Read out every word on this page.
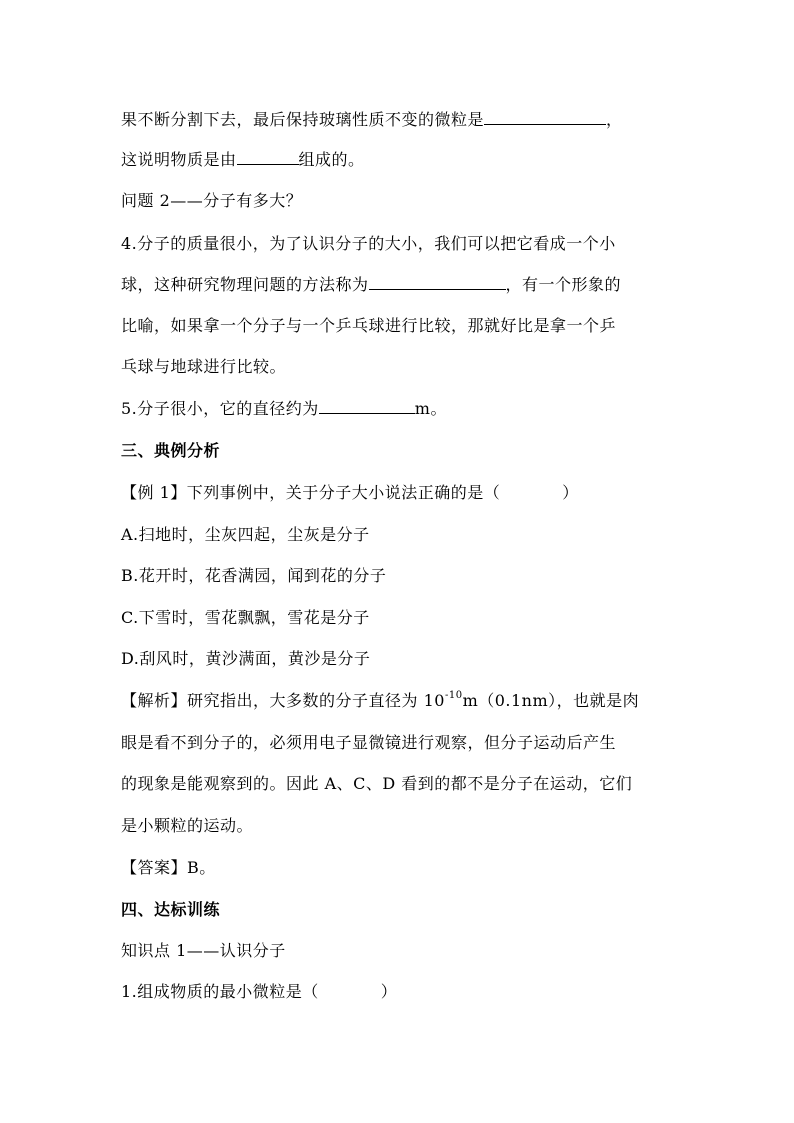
果不断分割下去，最后保持玻璃性质不变的微粒是	，
这说明物质是由	组成的。
问题 2——分子有多大？
4.分子的质量很小，为了认识分子的大小，我们可以把它看成一个小
球，这种研究物理问题的方法称为	，有一个形象的
比喻，如果拿一个分子与一个乒乓球进行比较，那就好比是拿一个乒
乓球与地球进行比较。
5.分子很小，它的直径约为	m。
三、典例分析
【例 1】下列事例中，关于分子大小说法正确的是（	）
A.扫地时，尘灰四起，尘灰是分子
B.花开时，花香满园，闻到花的分子
C.下雪时，雪花飘飘，雪花是分子
D.刮风时，黄沙满面，黄沙是分子
【解析】研究指出，大多数的分子直径为 $10^{-10}m(0.1nm)$，也就是肉
眼是看不到分子的，必须用电子显微镜进行观察，但分子运动后产生
的现象是能观察到的。因此 A、C、D 看到的都不是分子在运动，它们
是小颗粒的运动。
【答案】B。
四、达标训练
知识点 1——认识分子
1.组成物质的最小微粒是（	）
